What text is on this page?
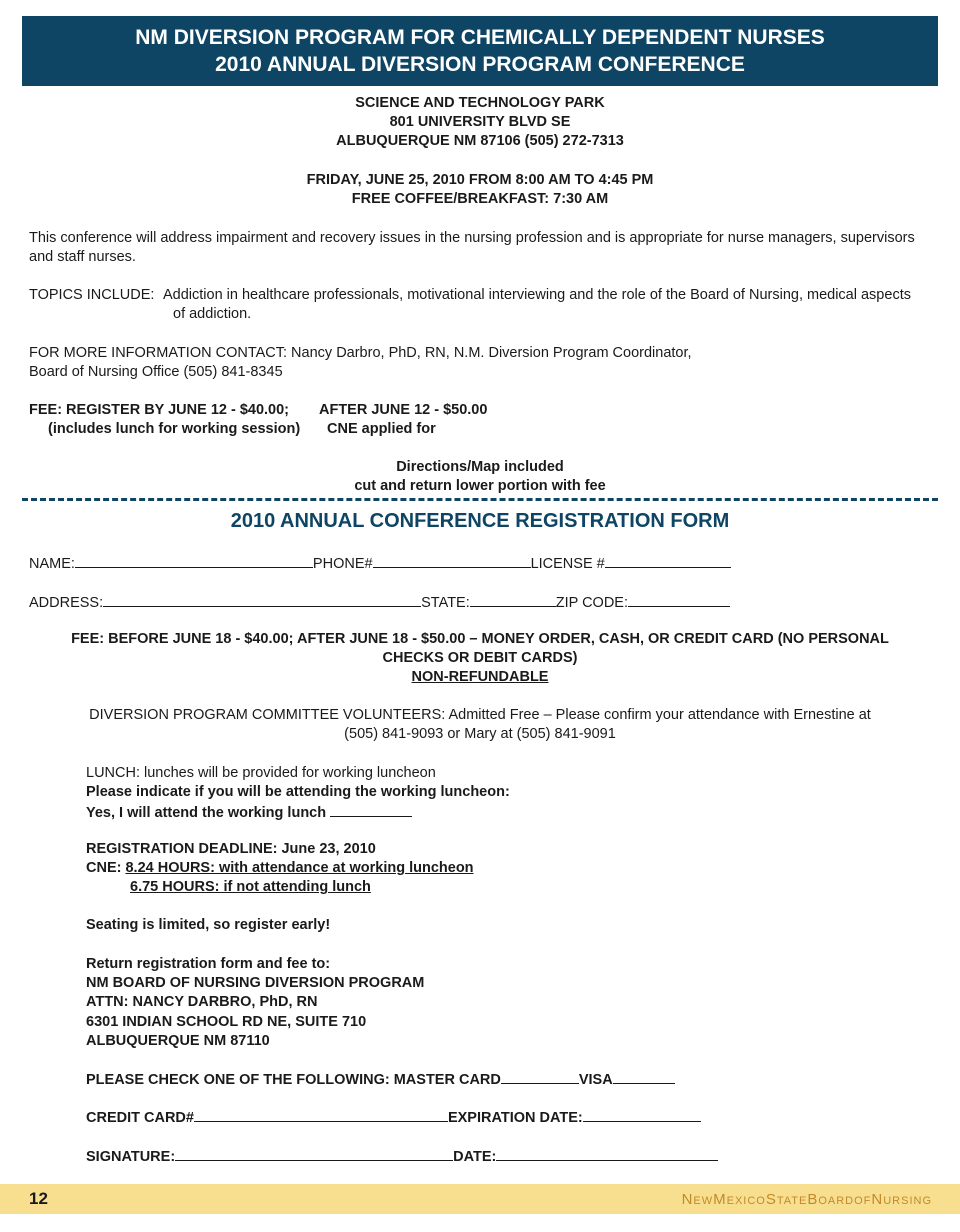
NM DIVERSION PROGRAM FOR CHEMICALLY DEPENDENT NURSES
2010 ANNUAL DIVERSION PROGRAM CONFERENCE
SCIENCE AND TECHNOLOGY PARK
801 UNIVERSITY BLVD SE
ALBUQUERQUE NM 87106 (505) 272-7313
FRIDAY, JUNE 25, 2010 FROM 8:00 AM TO 4:45 PM
FREE COFFEE/BREAKFAST: 7:30 AM
This conference will address impairment and recovery issues in the nursing profession and is appropriate for nurse managers, supervisors and staff nurses.
TOPICS INCLUDE: Addiction in healthcare professionals, motivational interviewing and the role of the Board of Nursing, medical aspects
of addiction.
FOR MORE INFORMATION CONTACT: Nancy Darbro, PhD, RN, N.M. Diversion Program Coordinator,
Board of Nursing Office (505) 841-8345
FEE: REGISTER BY JUNE 12 - $40.00; AFTER JUNE 12 - $50.00
(includes lunch for working session) CNE applied for
Directions/Map included
cut and return lower portion with fee
2010 ANNUAL CONFERENCE REGISTRATION FORM
NAME:	PHONE#	LICENSE #
ADDRESS:	STATE:	ZIP CODE:
FEE: BEFORE JUNE 18 - $40.00; AFTER JUNE 18 - $50.00 – MONEY ORDER, CASH, OR CREDIT CARD (NO PERSONAL
CHECKS OR DEBIT CARDS)
NON-REFUNDABLE
DIVERSION PROGRAM COMMITTEE VOLUNTEERS: Admitted Free – Please confirm your attendance with Ernestine at
(505) 841-9093 or Mary at (505) 841-9091
LUNCH: lunches will be provided for working luncheon
Please indicate if you will be attending the working luncheon:
Yes, I will attend the working lunch
REGISTRATION DEADLINE: June 23, 2010
CNE: 8.24 HOURS: with attendance at working luncheon
6.75 HOURS: if not attending lunch
Seating is limited, so register early!
Return registration form and fee to:
NM BOARD OF NURSING DIVERSION PROGRAM
ATTN: NANCY DARBRO, PhD, RN
6301 INDIAN SCHOOL RD NE, SUITE 710
ALBUQUERQUE NM 87110
PLEASE CHECK ONE OF THE FOLLOWING: MASTER CARD	VISA
CREDIT CARD#	EXPIRATION DATE:
SIGNATURE:	DATE:
12	NewMexicoStateBoardofNursing
